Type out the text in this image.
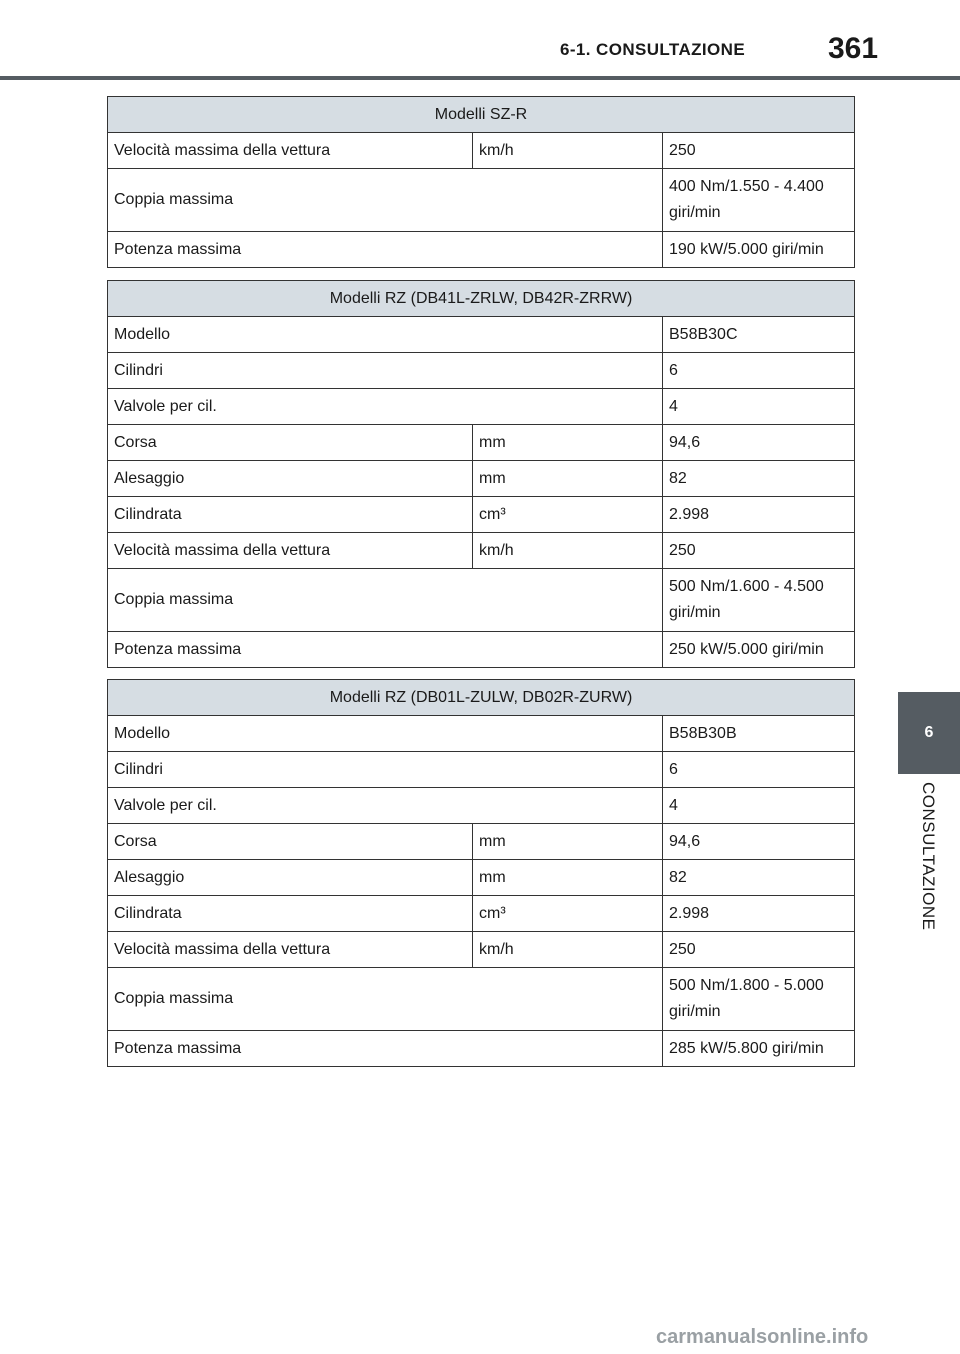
6-1. CONSULTAZIONE	361
6
CONSULTAZIONE
Modelli SZ-R		
Velocità massima della vettura	km/h	250
Coppia massima		400 Nm/1.550 - 4.400 giri/min
Potenza massima		190 kW/5.000 giri/min
Modelli RZ (DB41L-ZRLW, DB42R-ZRRW)		
Modello		B58B30C
Cilindri		6
Valvole per cil.		4
Corsa	mm	94,6
Alesaggio	mm	82
Cilindrata	cm³	2.998
Velocità massima della vettura	km/h	250
Coppia massima		500 Nm/1.600 - 4.500 giri/min
Potenza massima		250 kW/5.000 giri/min
Modelli RZ (DB01L-ZULW, DB02R-ZURW)		
Modello		B58B30B
Cilindri		6
Valvole per cil.		4
Corsa	mm	94,6
Alesaggio	mm	82
Cilindrata	cm³	2.998
Velocità massima della vettura	km/h	250
Coppia massima		500 Nm/1.800 - 5.000 giri/min
Potenza massima		285 kW/5.800 giri/min
carmanualsonline.info
